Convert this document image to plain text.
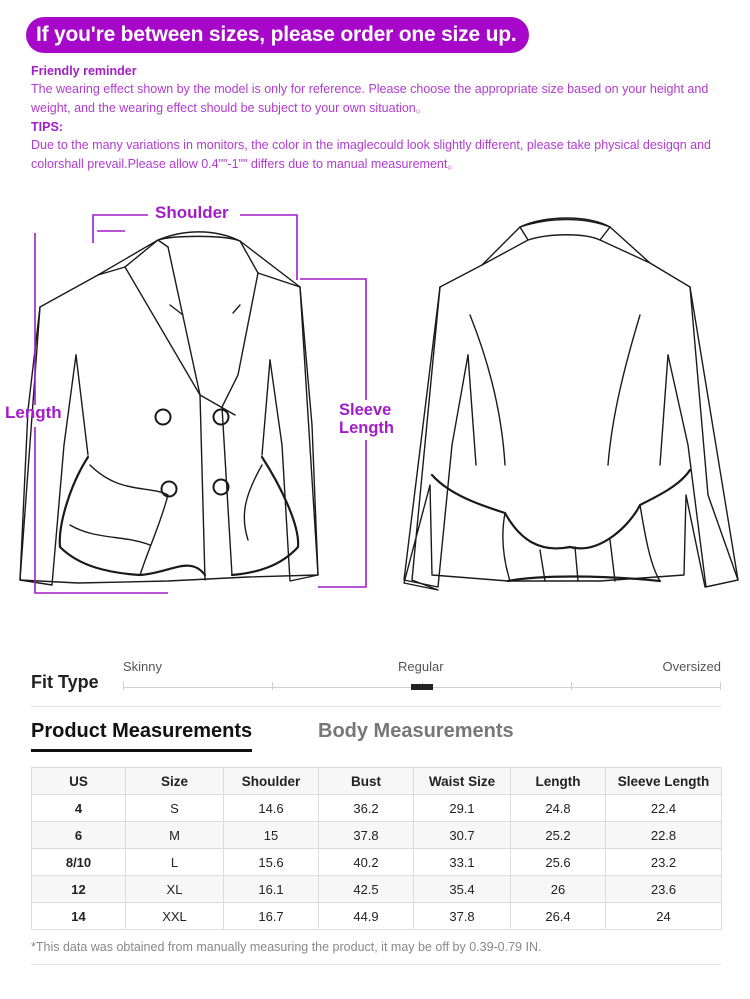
If you're between sizes, please order one size up.
Friendly reminder
The wearing effect shown by the model is only for reference. Please choose the appropriate size based on your height and weight, and the wearing effect should be subject to your own situation。
TIPS:
Due to the many variations in monitors, the color in the imaglecould look slightly different, please take physical desigqn and colorshall prevail.Please allow 0.4""-1"" differs due to manual measurement。
Shoulder
Length	Sleeve
Length
Fit Type
Skinny	Regular	Oversized
Product Measurements	Body Measurements
US	Size	Shoulder	Bust	Waist Size	Length	Sleeve Length
4	S	14.6	36.2	29.1	24.8	22.4
6	M	15	37.8	30.7	25.2	22.8
8/10	L	15.6	40.2	33.1	25.6	23.2
12	XL	16.1	42.5	35.4	26	23.6
14	XXL	16.7	44.9	37.8	26.4	24
*This data was obtained from manually measuring the product, it may be off by 0.39-0.79 IN.
